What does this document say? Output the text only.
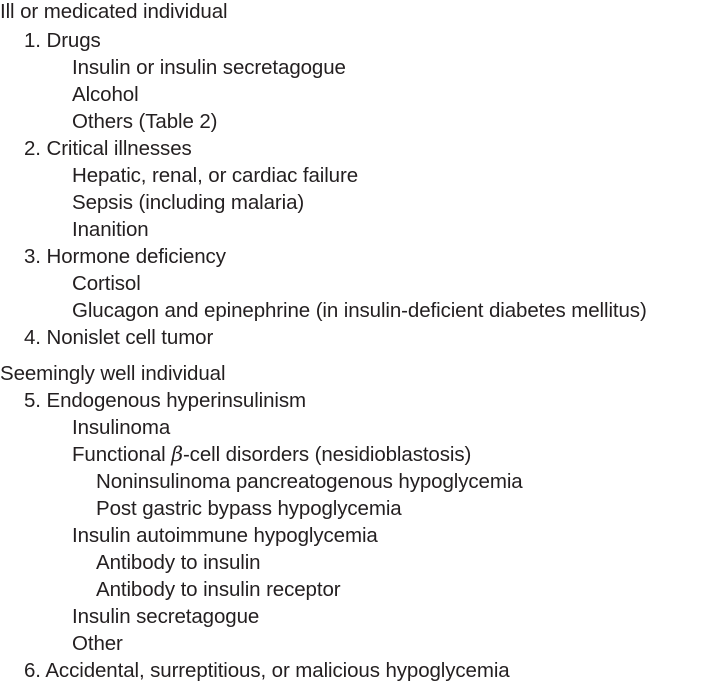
Ill or medicated individual
1. Drugs
Insulin or insulin secretagogue
Alcohol
Others (Table 2)
2. Critical illnesses
Hepatic, renal, or cardiac failure
Sepsis (including malaria)
Inanition
3. Hormone deficiency
Cortisol
Glucagon and epinephrine (in insulin-deficient diabetes mellitus)
4. Nonislet cell tumor
Seemingly well individual
5. Endogenous hyperinsulinism
Insulinoma
Functional β-cell disorders (nesidioblastosis)
Noninsulinoma pancreatogenous hypoglycemia
Post gastric bypass hypoglycemia
Insulin autoimmune hypoglycemia
Antibody to insulin
Antibody to insulin receptor
Insulin secretagogue
Other
6. Accidental, surreptitious, or malicious hypoglycemia
